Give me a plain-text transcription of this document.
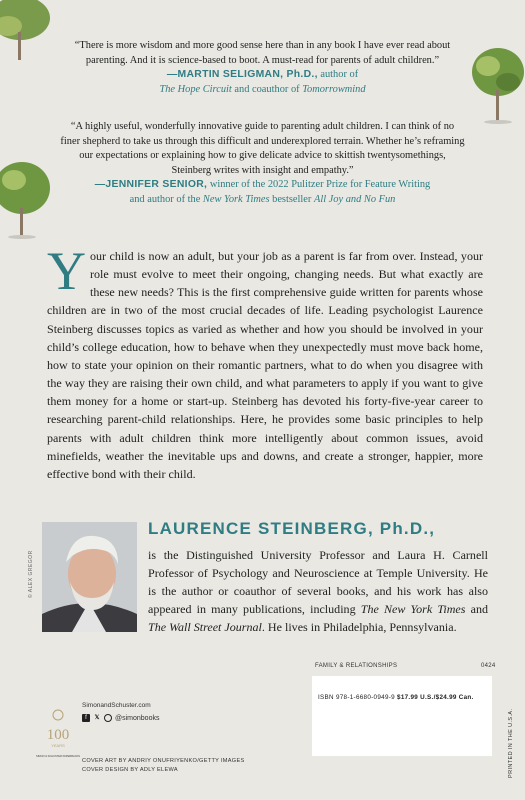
“There is more wisdom and more good sense here than in any book I have ever read about parenting. And it is science-based to boot. A must-read for parents of adult children.”
—MARTIN SELIGMAN, Ph.D., author of
The Hope Circuit and coauthor of Tomorrowmind
“A highly useful, wonderfully innovative guide to parenting adult children. I can think of no finer shepherd to take us through this difficult and underexplored terrain. Whether he’s reframing our expectations or explaining how to give delicate advice to skittish twentysomethings, Steinberg writes with insight and empathy.”
—JENNIFER SENIOR, winner of the 2022 Pulitzer Prize for Feature Writing
and author of the New York Times bestseller All Joy and No Fun
Your child is now an adult, but your job as a parent is far from over. Instead, your role must evolve to meet their ongoing, changing needs. But what exactly are these new needs? This is the first comprehensive guide written for parents whose children are in two of the most crucial decades of life. Leading psychologist Laurence Steinberg discusses topics as varied as whether and how you should be involved in your child’s college education, how to behave when they unexpectedly must move back home, how to state your opinion on their romantic partners, what to do when you disagree with the way they are raising their own child, and what parameters to apply if you want to give them money for a home or start-up. Steinberg has devoted his forty-five-year career to researching parent-child relationships. Here, he provides some basic principles to help parents with adult children think more intelligently about common issues, avoid minefields, weather the inevitable ups and downs, and create a stronger, happier, more effective bond with their child.
© ALEX GREGOR
LAURENCE STEINBERG, Ph.D.,
is the Distinguished University Professor and Laura H. Carnell Professor of Psychology and Neuroscience at Temple University. He is the author or coauthor of several books, and his work has also appeared in many publications, including The New York Times and The Wall Street Journal. He lives in Philadelphia, Pennsylvania.
FAMILY & RELATIONSHIPS	0424
ISBN 978-1-6680-0949-9 $17.99 U.S./$24.99 Can.
PRINTED IN THE U.S.A.
100
YEARS
SIMON & SCHUSTER PAPERBACKS
SimonandSchuster.com
f	𝕏 @simonbooks
COVER ART BY ANDRIY ONUFRIYENKO/GETTY IMAGES
COVER DESIGN BY ADLY ELEWA
